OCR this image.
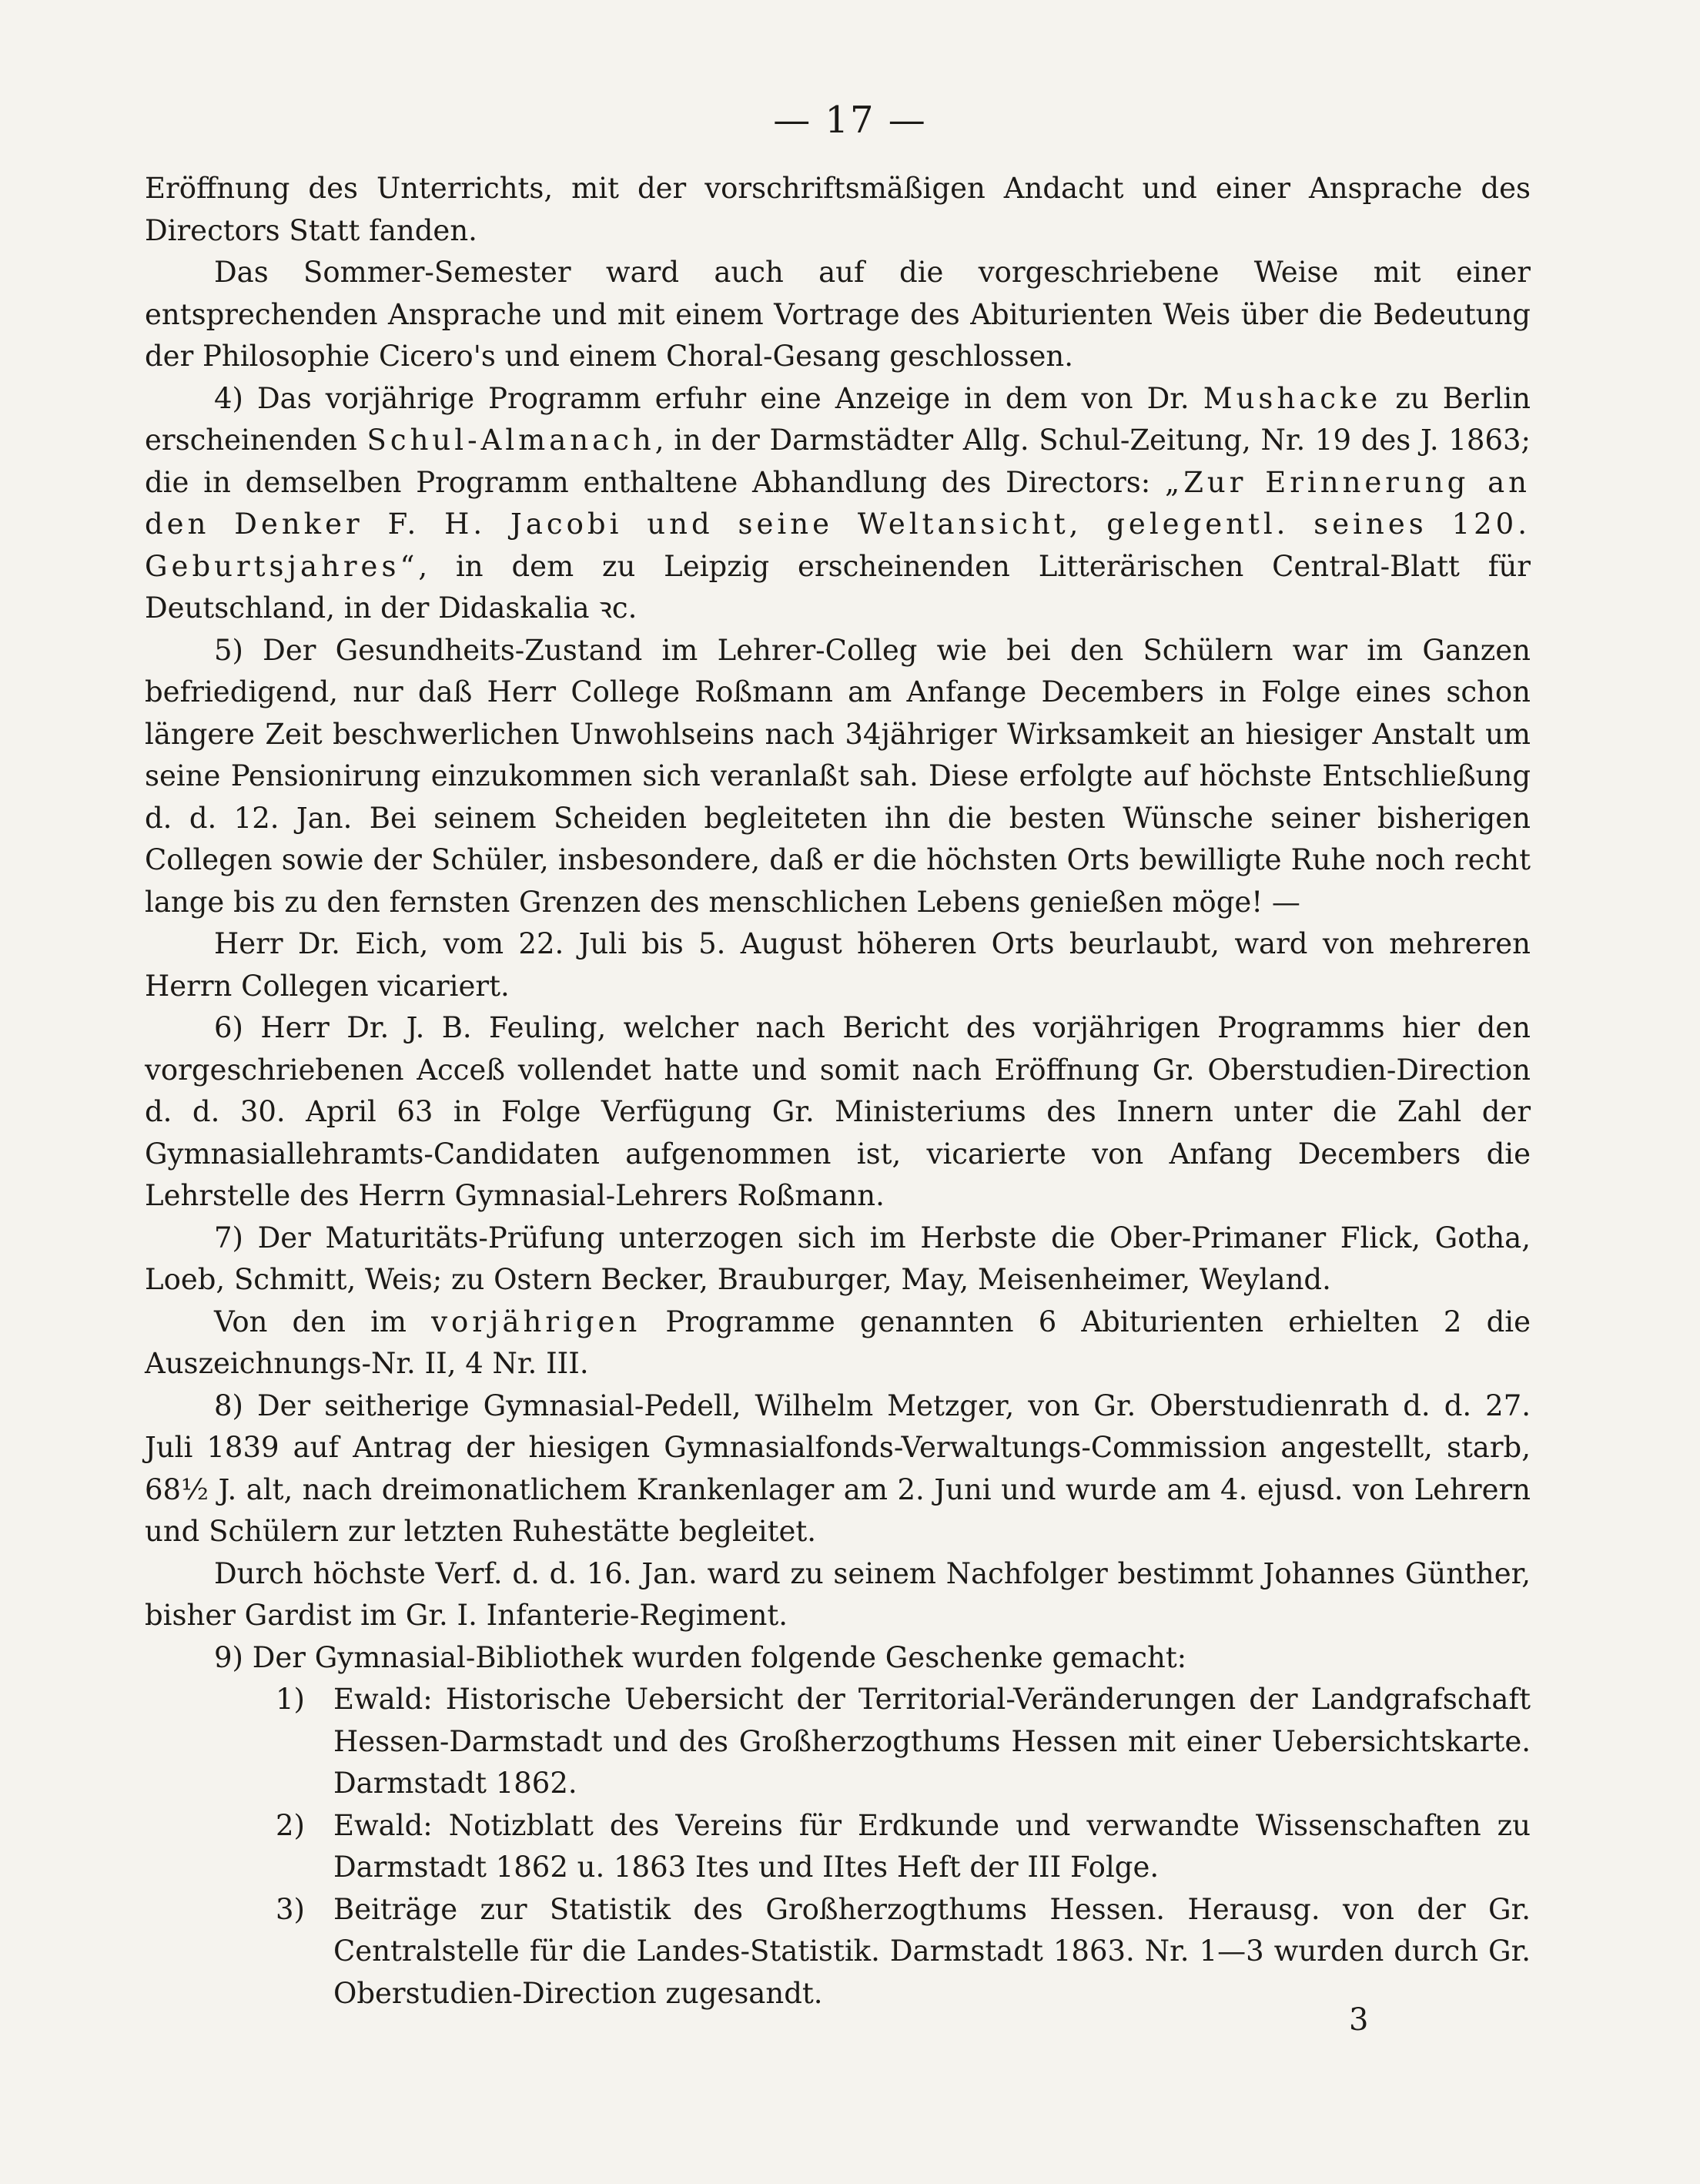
— 17 —

Eröffnung des Unterrichts, mit der vorschriftsmäßigen Andacht und einer Ansprache des Directors Statt fanden.

Das Sommer-Semester ward auch auf die vorgeschriebene Weise mit einer entsprechenden Ansprache und mit einem Vortrage des Abiturienten Weis über die Bedeutung der Philosophie Cicero's und einem Choral-Gesang geschlossen.

4) Das vorjährige Programm erfuhr eine Anzeige in dem von Dr. Mushacke zu Berlin erscheinenden Schul-Almanach, in der Darmstädter Allg. Schul-Zeitung, Nr. 19 des J. 1863; die in demselben Programm enthaltene Abhandlung des Directors: „Zur Erinnerung an den Denker F. H. Jacobi und seine Weltansicht, gelegentl. seines 120. Geburtsjahres“, in dem zu Leipzig erscheinenden Litterärischen Central-Blatt für Deutschland, in der Didaskalia ꝛc.

5) Der Gesundheits-Zustand im Lehrer-Colleg wie bei den Schülern war im Ganzen befriedigend, nur daß Herr College Roßmann am Anfange Decembers in Folge eines schon längere Zeit beschwerlichen Unwohlseins nach 34jähriger Wirksamkeit an hiesiger Anstalt um seine Pensionirung einzukommen sich veranlaßt sah. Diese erfolgte auf höchste Entschließung d. d. 12. Jan. Bei seinem Scheiden begleiteten ihn die besten Wünsche seiner bisherigen Collegen sowie der Schüler, insbesondere, daß er die höchsten Orts bewilligte Ruhe noch recht lange bis zu den fernsten Grenzen des menschlichen Lebens genießen möge! —

Herr Dr. Eich, vom 22. Juli bis 5. August höheren Orts beurlaubt, ward von mehreren Herrn Collegen vicariert.

6) Herr Dr. J. B. Feuling, welcher nach Bericht des vorjährigen Programms hier den vorgeschriebenen Acceß vollendet hatte und somit nach Eröffnung Gr. Oberstudien-Direction d. d. 30. April 63 in Folge Verfügung Gr. Ministeriums des Innern unter die Zahl der Gymnasiallehramts-Candidaten aufgenommen ist, vicarierte von Anfang Decembers die Lehrstelle des Herrn Gymnasial-Lehrers Roßmann.

7) Der Maturitäts-Prüfung unterzogen sich im Herbste die Ober-Primaner Flick, Gotha, Loeb, Schmitt, Weis; zu Ostern Becker, Brauburger, May, Meisenheimer, Weyland.

Von den im vorjährigen Programme genannten 6 Abiturienten erhielten 2 die Auszeichnungs-Nr. II, 4 Nr. III.

8) Der seitherige Gymnasial-Pedell, Wilhelm Metzger, von Gr. Oberstudienrath d. d. 27. Juli 1839 auf Antrag der hiesigen Gymnasialfonds-Verwaltungs-Commission angestellt, starb, 68½ J. alt, nach dreimonatlichem Krankenlager am 2. Juni und wurde am 4. ejusd. von Lehrern und Schülern zur letzten Ruhestätte begleitet.

Durch höchste Verf. d. d. 16. Jan. ward zu seinem Nachfolger bestimmt Johannes Günther, bisher Gardist im Gr. I. Infanterie-Regiment.

9) Der Gymnasial-Bibliothek wurden folgende Geschenke gemacht:

1) Ewald: Historische Uebersicht der Territorial-Veränderungen der Landgrafschaft Hessen-Darmstadt und des Großherzogthums Hessen mit einer Uebersichtskarte. Darmstadt 1862.
2) Ewald: Notizblatt des Vereins für Erdkunde und verwandte Wissenschaften zu Darmstadt 1862 u. 1863 Ites und IItes Heft der III Folge.
3) Beiträge zur Statistik des Großherzogthums Hessen. Herausg. von der Gr. Centralstelle für die Landes-Statistik. Darmstadt 1863. Nr. 1—3 wurden durch Gr. Oberstudien-Direction zugesandt.
3
